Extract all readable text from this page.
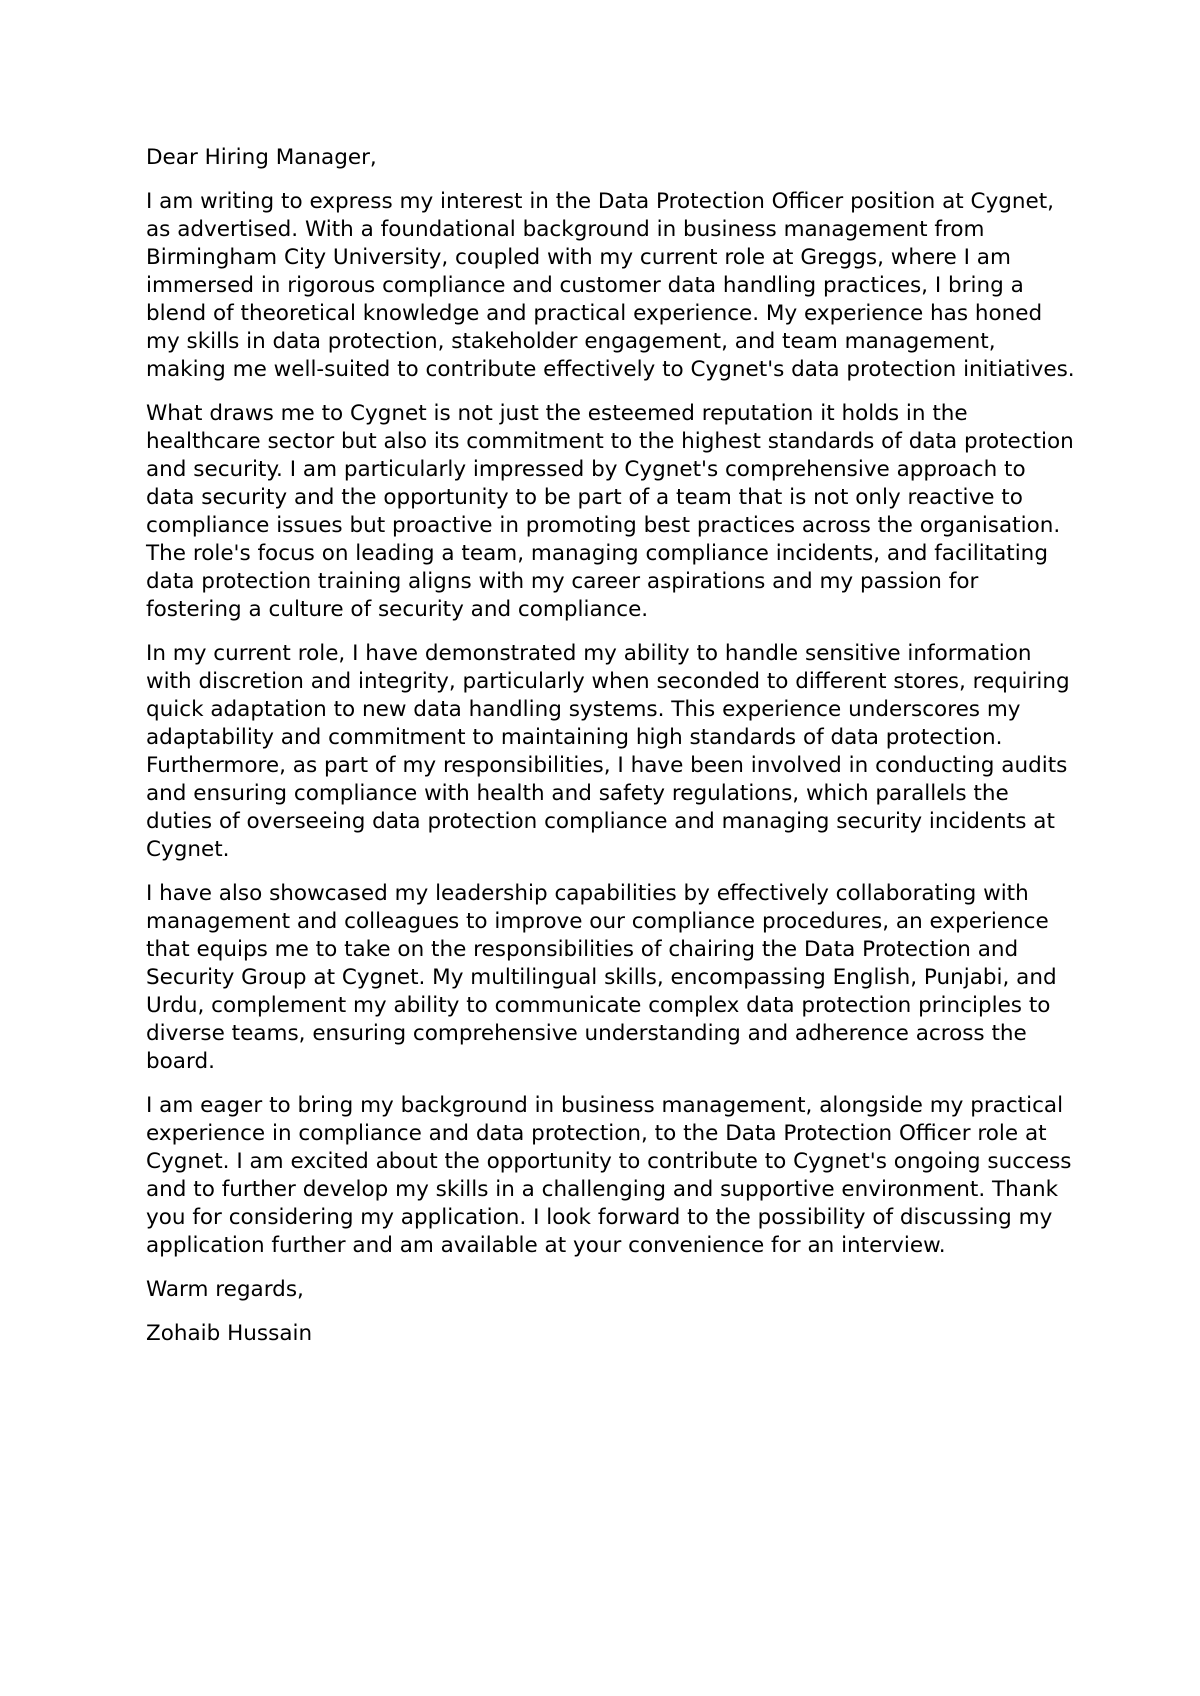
Dear Hiring Manager,

I am writing to express my interest in the Data Protection Officer position at Cygnet, as advertised. With a foundational background in business management from Birmingham City University, coupled with my current role at Greggs, where I am immersed in rigorous compliance and customer data handling practices, I bring a blend of theoretical knowledge and practical experience. My experience has honed my skills in data protection, stakeholder engagement, and team management, making me well-suited to contribute effectively to Cygnet's data protection initiatives.

What draws me to Cygnet is not just the esteemed reputation it holds in the healthcare sector but also its commitment to the highest standards of data protection and security. I am particularly impressed by Cygnet's comprehensive approach to data security and the opportunity to be part of a team that is not only reactive to compliance issues but proactive in promoting best practices across the organisation. The role's focus on leading a team, managing compliance incidents, and facilitating data protection training aligns with my career aspirations and my passion for fostering a culture of security and compliance.

In my current role, I have demonstrated my ability to handle sensitive information with discretion and integrity, particularly when seconded to different stores, requiring quick adaptation to new data handling systems. This experience underscores my adaptability and commitment to maintaining high standards of data protection. Furthermore, as part of my responsibilities, I have been involved in conducting audits and ensuring compliance with health and safety regulations, which parallels the duties of overseeing data protection compliance and managing security incidents at Cygnet.

I have also showcased my leadership capabilities by effectively collaborating with management and colleagues to improve our compliance procedures, an experience that equips me to take on the responsibilities of chairing the Data Protection and Security Group at Cygnet. My multilingual skills, encompassing English, Punjabi, and Urdu, complement my ability to communicate complex data protection principles to diverse teams, ensuring comprehensive understanding and adherence across the board.

I am eager to bring my background in business management, alongside my practical experience in compliance and data protection, to the Data Protection Officer role at Cygnet. I am excited about the opportunity to contribute to Cygnet's ongoing success and to further develop my skills in a challenging and supportive environment. Thank you for considering my application. I look forward to the possibility of discussing my application further and am available at your convenience for an interview.

Warm regards,

Zohaib Hussain
